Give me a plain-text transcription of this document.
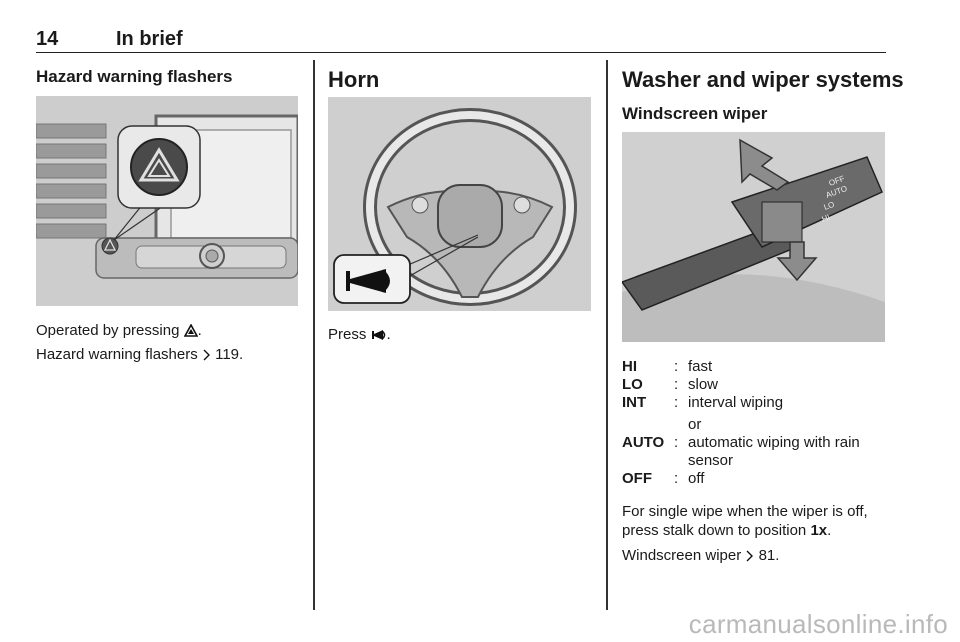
14	In brief
Hazard warning flashers
Operated by pressing .
Hazard warning flashers  119.
Horn
Press .
Washer and wiper systems
Windscreen wiper
OFF
AUTO
LO
HI
HI	: fast
LO	: slow
INT	: interval wiping
or
AUTO : automatic wiping with rain sensor
OFF	: off
For single wipe when the wiper is off, press stalk down to position 1x.
Windscreen wiper  81.
carmanualsonline.info
